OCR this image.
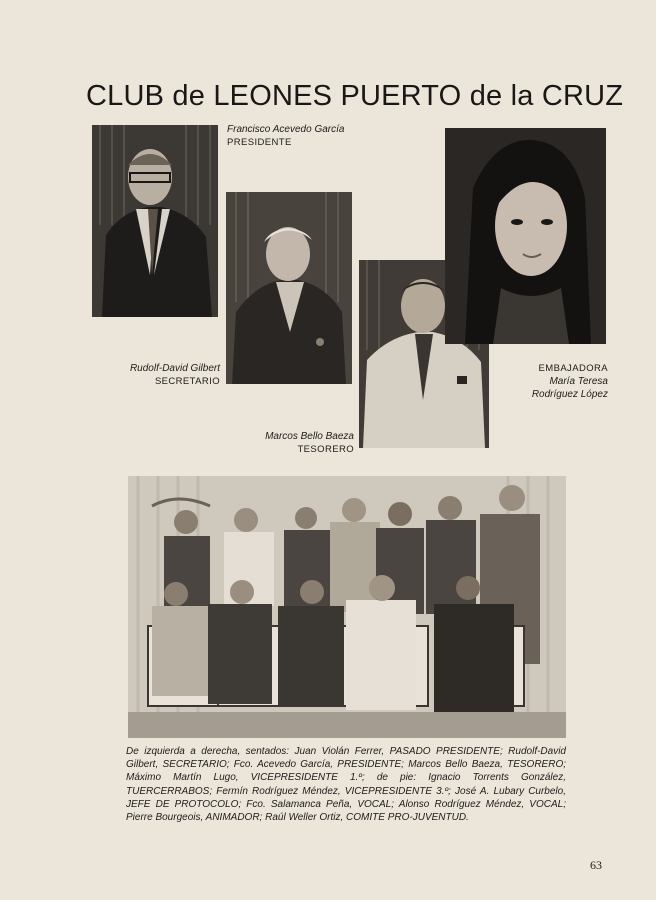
CLUB de LEONES PUERTO de la CRUZ
Francisco Acevedo García
PRESIDENTE
Rudolf-David Gilbert
SECRETARIO
Marcos Bello Baeza
TESORERO
EMBAJADORA
María Teresa
Rodríguez López
De izquierda a derecha, sentados: Juan Violán Ferrer, PASADO PRESIDENTE; Rudolf-David Gilbert, SECRETARIO; Fco. Acevedo García, PRESIDENTE; Marcos Bello Baeza, TESORERO; Máximo Martín Lugo, VICEPRESIDENTE 1.º; de pie: Ignacio Torrents González, TUERCERRABOS; Fermín Rodríguez Méndez, VICEPRESIDENTE 3.º; José A. Lubary Curbelo, JEFE DE PROTOCOLO; Fco. Salamanca Peña, VOCAL; Alonso Rodríguez Méndez, VOCAL; Pierre Bourgeois, ANIMADOR; Raúl Weller Ortiz, COMITE PRO-JUVENTUD.
63
